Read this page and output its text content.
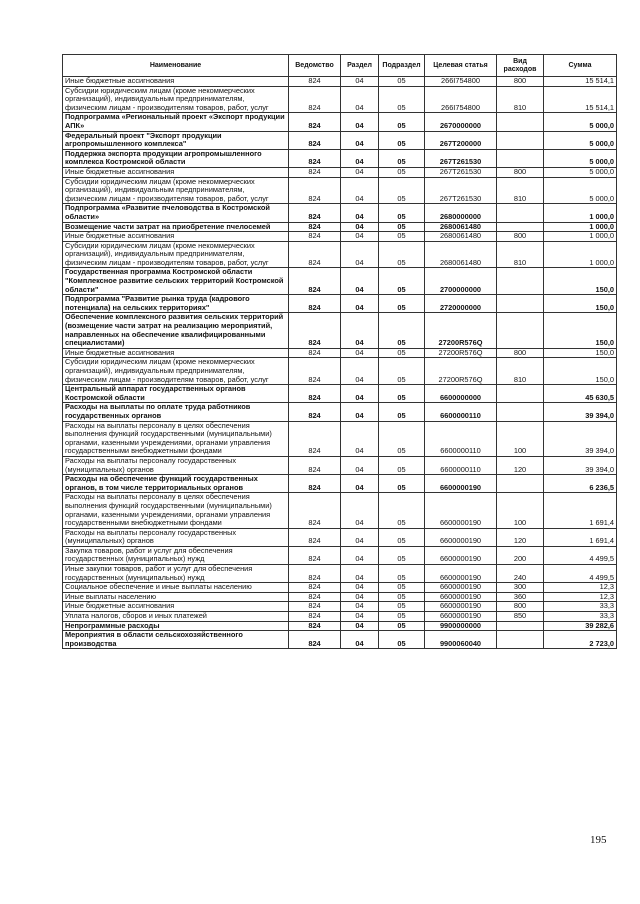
Наименование	Ведомство	Раздел	Подраздел	Целевая статья	Вид расходов	Сумма
Иные бюджетные ассигнования	824	04	05	266I754800	800	15 514,1
Субсидии юридическим лицам (кроме некоммерческих организаций), индивидуальным предпринимателям, физическим лицам - производителям товаров, работ, услуг	824	04	05	266I754800	810	15 514,1
Подпрограмма «Региональный проект «Экспорт продукции АПК»	824	04	05	2670000000		5 000,0
Федеральный проект "Экспорт продукции агропромышленного комплекса"	824	04	05	267T200000		5 000,0
Поддержка экспорта продукции агропромышленного комплекса Костромской области	824	04	05	267T261530		5 000,0
Иные бюджетные ассигнования	824	04	05	267T261530	800	5 000,0
Субсидии юридическим лицам (кроме некоммерческих организаций), индивидуальным предпринимателям, физическим лицам - производителям товаров, работ, услуг	824	04	05	267T261530	810	5 000,0
Подпрограмма «Развитие пчеловодства в Костромской области»	824	04	05	2680000000		1 000,0
Возмещение части затрат на приобретение пчелосемей	824	04	05	2680061480		1 000,0
Иные бюджетные ассигнования	824	04	05	2680061480	800	1 000,0
Субсидии юридическим лицам (кроме некоммерческих организаций), индивидуальным предпринимателям, физическим лицам - производителям товаров, работ, услуг	824	04	05	2680061480	810	1 000,0
Государственная программа Костромской области "Комплексное развитие сельских территорий Костромской области"	824	04	05	2700000000		150,0
Подпрограмма "Развитие рынка труда (кадрового потенциала) на сельских территориях"	824	04	05	2720000000		150,0
Обеспечение комплексного развития сельских территорий (возмещение части затрат на реализацию мероприятий, направленных на обеспечение квалифицированными специалистами)	824	04	05	27200R576Q		150,0
Иные бюджетные ассигнования	824	04	05	27200R576Q	800	150,0
Субсидии юридическим лицам (кроме некоммерческих организаций), индивидуальным предпринимателям, физическим лицам - производителям товаров, работ, услуг	824	04	05	27200R576Q	810	150,0
Центральный аппарат государственных органов Костромской области	824	04	05	6600000000		45 630,5
Расходы на выплаты по оплате труда работников государственных органов	824	04	05	6600000110		39 394,0
Расходы на выплаты персоналу в целях обеспечения выполнения функций государственными (муниципальными) органами, казенными учреждениями, органами управления государственными внебюджетными фондами	824	04	05	6600000110	100	39 394,0
Расходы на выплаты персоналу государственных (муниципальных) органов	824	04	05	6600000110	120	39 394,0
Расходы на обеспечение функций государственных органов, в том числе территориальных органов	824	04	05	6600000190		6 236,5
Расходы на выплаты персоналу в целях обеспечения выполнения функций государственными (муниципальными) органами, казенными учреждениями, органами управления государственными внебюджетными фондами	824	04	05	6600000190	100	1 691,4
Расходы на выплаты персоналу государственных (муниципальных) органов	824	04	05	6600000190	120	1 691,4
Закупка товаров, работ и услуг для обеспечения государственных (муниципальных) нужд	824	04	05	6600000190	200	4 499,5
Иные закупки товаров, работ и услуг для обеспечения государственных (муниципальных) нужд	824	04	05	6600000190	240	4 499,5
Социальное обеспечение и иные выплаты населению	824	04	05	6600000190	300	12,3
Иные выплаты населению	824	04	05	6600000190	360	12,3
Иные бюджетные ассигнования	824	04	05	6600000190	800	33,3
Уплата налогов, сборов и иных платежей	824	04	05	6600000190	850	33,3
Непрограммные расходы	824	04	05	9900000000		39 282,6
Мероприятия в области сельскохозяйственного производства	824	04	05	9900060040		2 723,0
195
